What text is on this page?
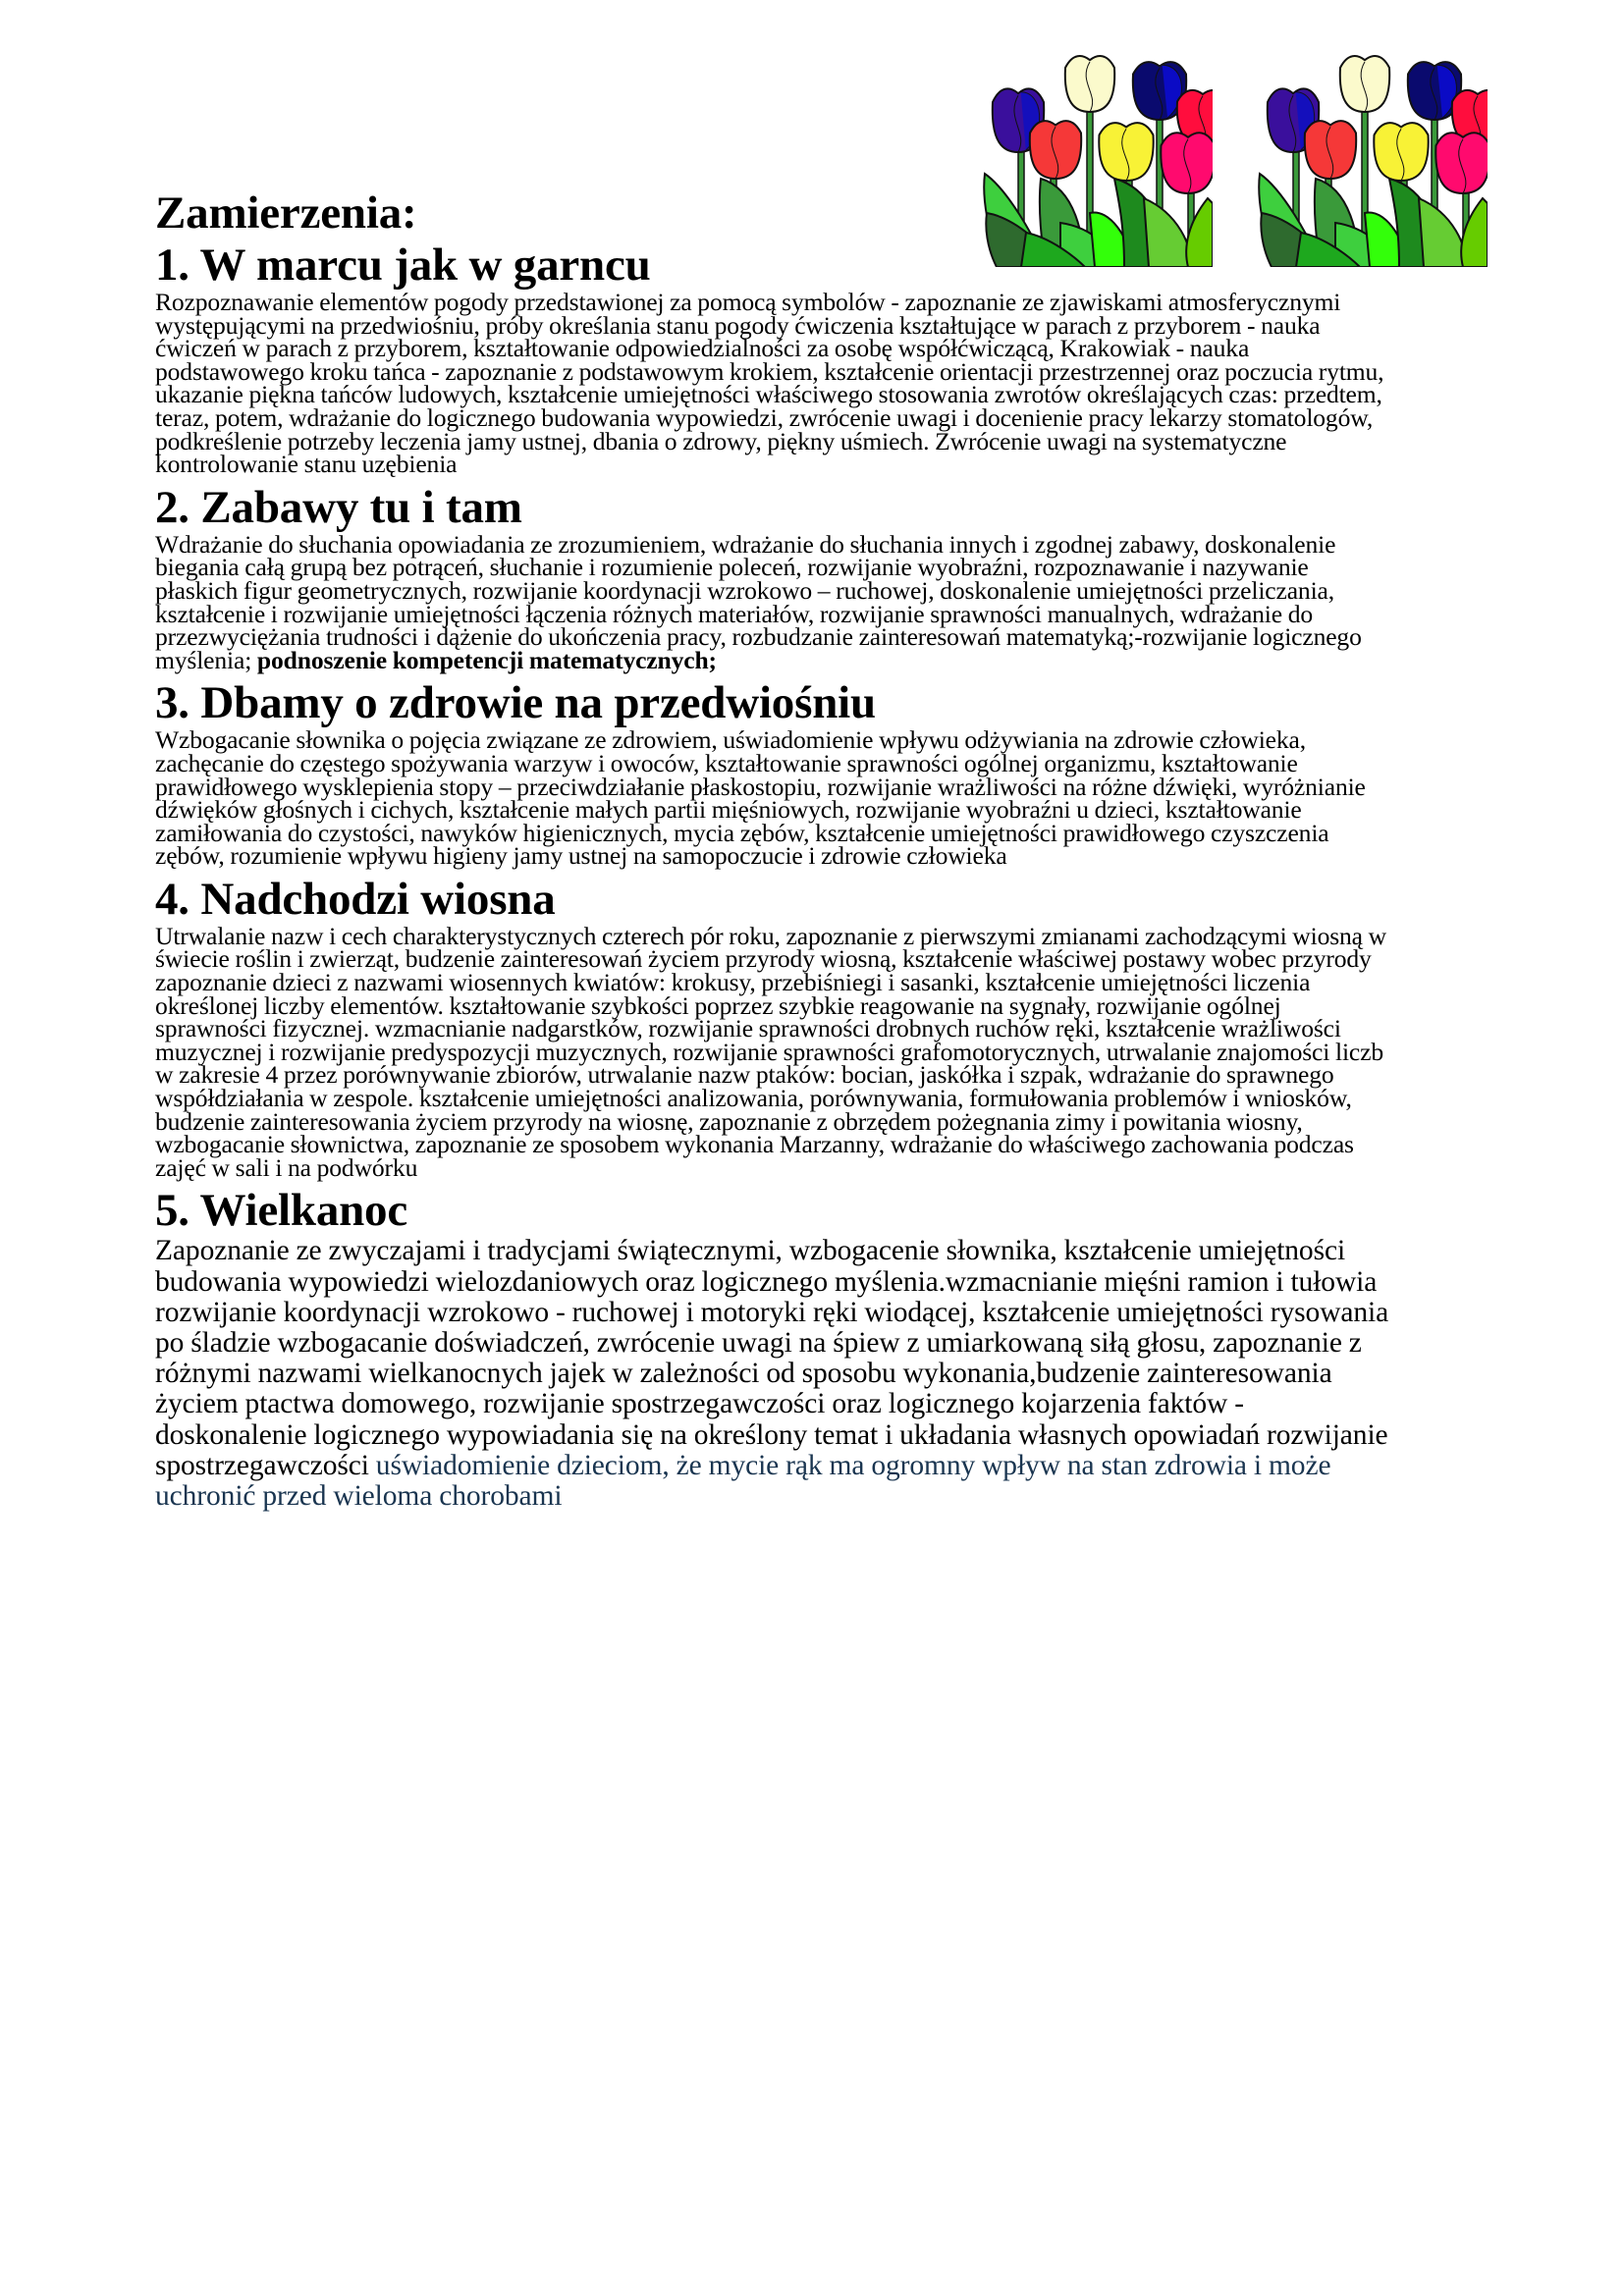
Zamierzenia:
1. W marcu jak w garncu

Rozpoznawanie elementów pogody przedstawionej za pomocą symbolów - zapoznanie ze zjawiskami atmosferycznymi występującymi na przedwiośniu, próby określania stanu pogody ćwiczenia kształtujące w parach z przyborem - nauka ćwiczeń w parach z przyborem, kształtowanie odpowiedzialności za osobę współćwiczącą, Krakowiak - nauka podstawowego kroku tańca - zapoznanie z podstawowym krokiem, kształcenie orientacji przestrzennej oraz poczucia rytmu, ukazanie piękna tańców ludowych, kształcenie umiejętności właściwego stosowania zwrotów określających czas: przedtem, teraz, potem, wdrażanie do logicznego budowania wypowiedzi, zwrócenie uwagi i docenienie pracy lekarzy stomatologów, podkreślenie potrzeby leczenia jamy ustnej, dbania o zdrowy, piękny uśmiech. Zwrócenie uwagi na systematyczne kontrolowanie stanu uzębienia

2. Zabawy tu i tam

Wdrażanie do słuchania opowiadania ze zrozumieniem, wdrażanie do słuchania innych i zgodnej zabawy, doskonalenie biegania całą grupą bez potrąceń, słuchanie i rozumienie poleceń, rozwijanie wyobraźni, rozpoznawanie i nazywanie płaskich figur geometrycznych, rozwijanie koordynacji wzrokowo – ruchowej, doskonalenie umiejętności przeliczania, kształcenie i rozwijanie umiejętności łączenia różnych materiałów, rozwijanie sprawności manualnych, wdrażanie do przezwyciężania trudności i dążenie do ukończenia pracy, rozbudzanie zainteresowań matematyką;-rozwijanie logicznego myślenia; podnoszenie kompetencji matematycznych;

3. Dbamy o zdrowie na przedwiośniu

Wzbogacanie słownika o pojęcia związane ze zdrowiem, uświadomienie wpływu odżywiania na zdrowie człowieka, zachęcanie do częstego spożywania warzyw i owoców, kształtowanie sprawności ogólnej organizmu, kształtowanie prawidłowego wysklepienia stopy – przeciwdziałanie płaskostopiu, rozwijanie wrażliwości na różne dźwięki, wyróżnianie dźwięków głośnych i cichych, kształcenie małych partii mięśniowych, rozwijanie wyobraźni u dzieci, kształtowanie zamiłowania do czystości, nawyków higienicznych, mycia zębów, kształcenie umiejętności prawidłowego czyszczenia zębów, rozumienie wpływu higieny jamy ustnej na samopoczucie i zdrowie człowieka

4. Nadchodzi wiosna

Utrwalanie nazw i cech charakterystycznych czterech pór roku, zapoznanie z pierwszymi zmianami zachodzącymi wiosną w świecie roślin i zwierząt, budzenie zainteresowań życiem przyrody wiosną, kształcenie właściwej postawy wobec przyrody zapoznanie dzieci z nazwami wiosennych kwiatów: krokusy, przebiśniegi i sasanki, kształcenie umiejętności liczenia określonej liczby elementów. kształtowanie szybkości poprzez szybkie reagowanie na sygnały, rozwijanie ogólnej sprawności fizycznej. wzmacnianie nadgarstków, rozwijanie sprawności drobnych ruchów ręki, kształcenie wrażliwości muzycznej i rozwijanie predyspozycji muzycznych, rozwijanie sprawności grafomotorycznych, utrwalanie znajomości liczb w zakresie 4 przez porównywanie zbiorów, utrwalanie nazw ptaków: bocian, jaskółka i szpak, wdrażanie do sprawnego współdziałania w zespole. kształcenie umiejętności analizowania, porównywania, formułowania problemów i wniosków, budzenie zainteresowania życiem przyrody na wiosnę, zapoznanie z obrzędem pożegnania zimy i powitania wiosny, wzbogacanie słownictwa, zapoznanie ze sposobem wykonania Marzanny, wdrażanie do właściwego zachowania podczas zajęć w sali i na podwórku

5. Wielkanoc

Zapoznanie ze zwyczajami i tradycjami świątecznymi, wzbogacenie słownika, kształcenie umiejętności budowania wypowiedzi wielozdaniowych oraz logicznego myślenia.wzmacnianie mięśni ramion i tułowia rozwijanie koordynacji wzrokowo - ruchowej i motoryki ręki wiodącej, kształcenie umiejętności rysowania po śladzie wzbogacanie doświadczeń, zwrócenie uwagi na śpiew z umiarkowaną siłą głosu, zapoznanie z różnymi nazwami wielkanocnych jajek w zależności od sposobu wykonania,budzenie zainteresowania życiem ptactwa domowego, rozwijanie spostrzegawczości oraz logicznego kojarzenia faktów - doskonalenie logicznego wypowiadania się na określony temat i układania własnych opowiadań rozwijanie spostrzegawczości uświadomienie dzieciom, że mycie rąk ma ogromny wpływ na stan zdrowia i może uchronić przed wieloma chorobami
